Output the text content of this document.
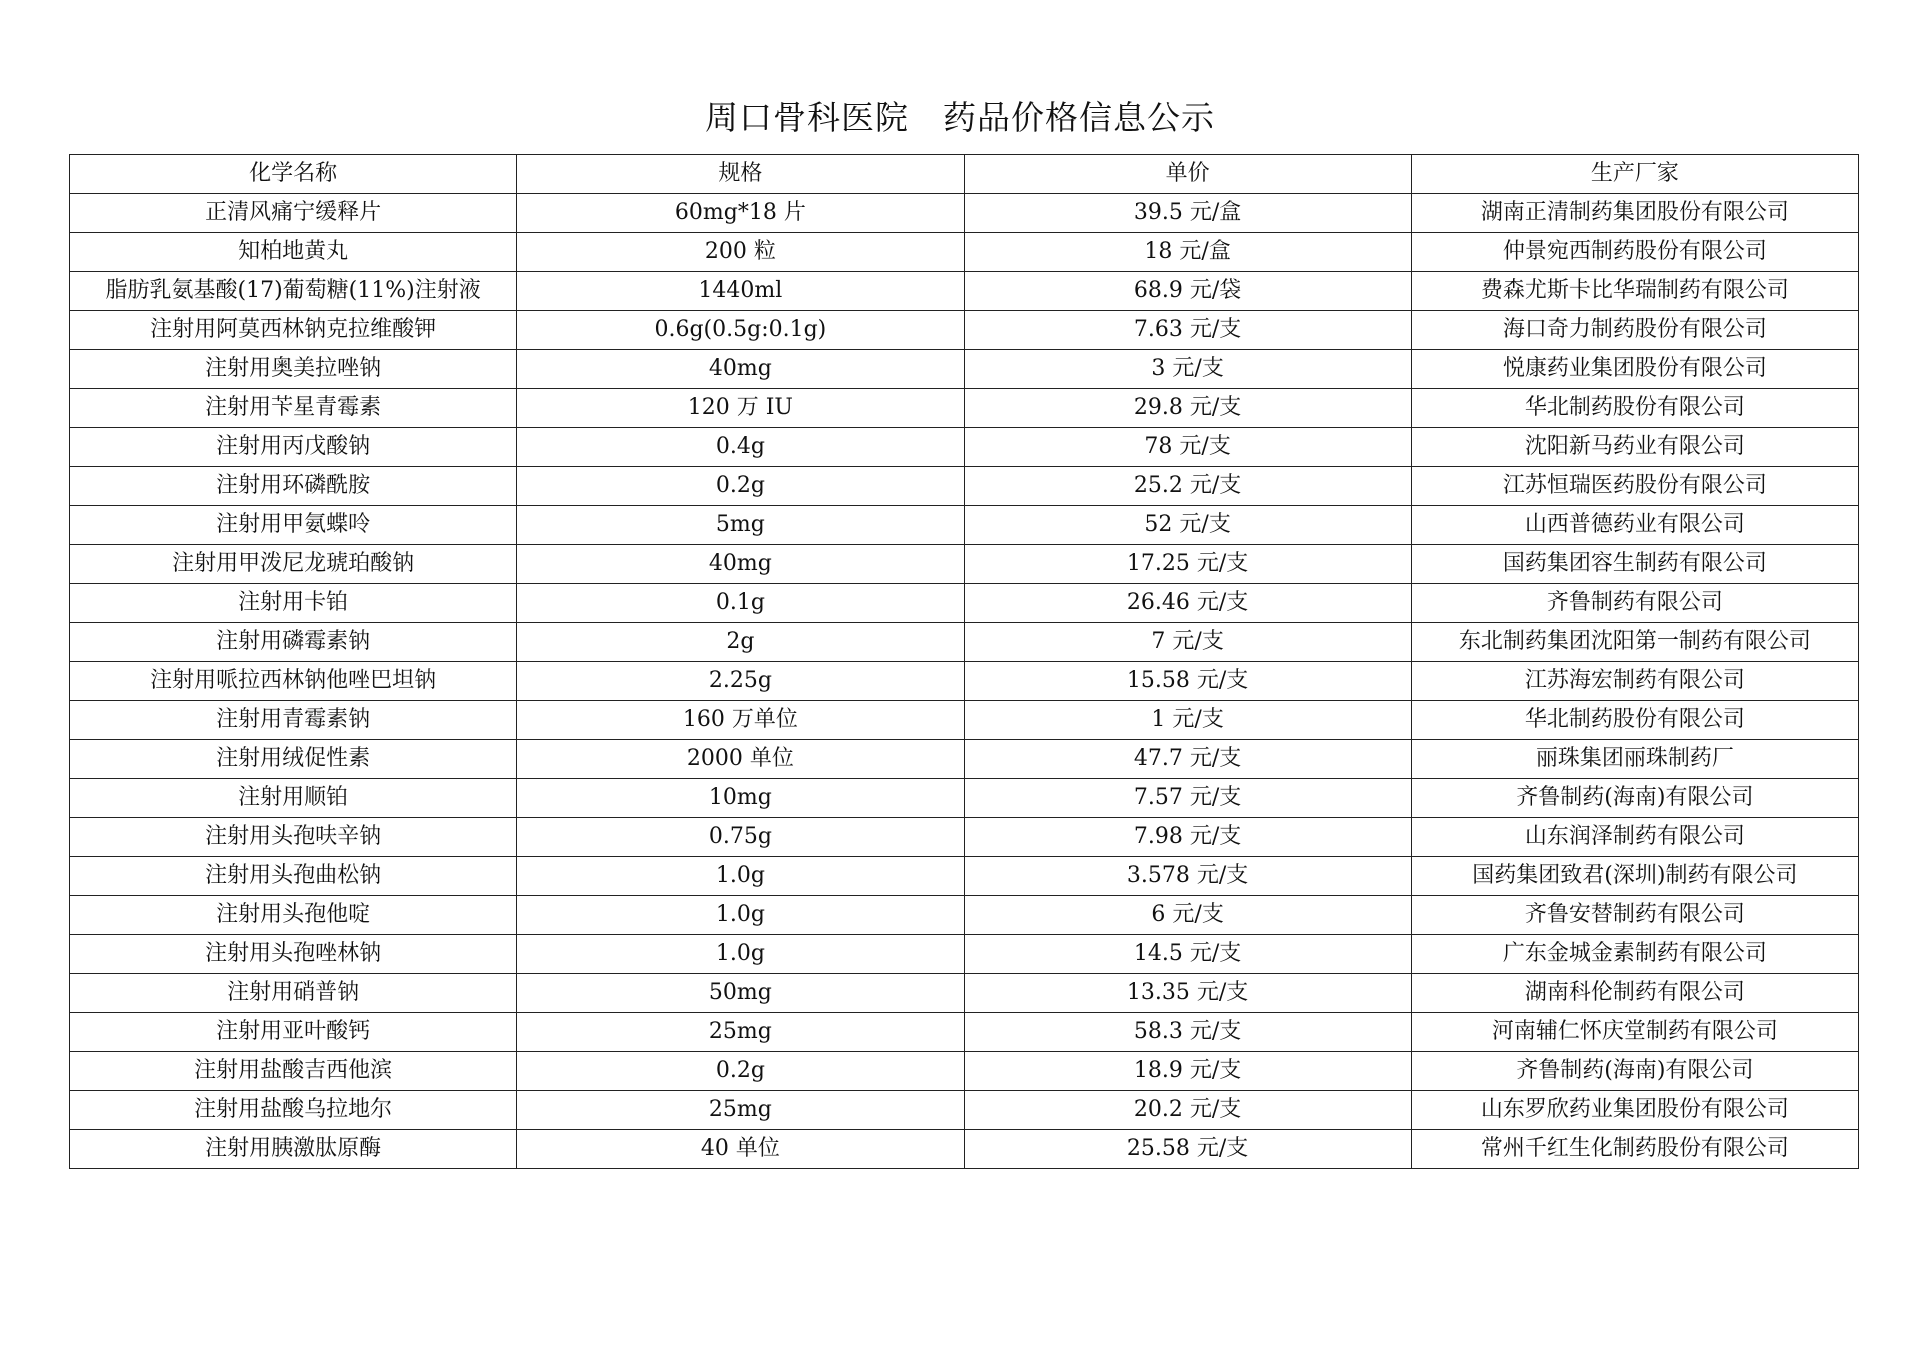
周口骨科医院　药品价格信息公示
化学名称	规格	单价	生产厂家
正清风痛宁缓释片	60mg*18 片	39.5 元/盒	湖南正清制药集团股份有限公司
知柏地黄丸	200 粒	18 元/盒	仲景宛西制药股份有限公司
脂肪乳氨基酸(17)葡萄糖(11%)注射液	1440ml	68.9 元/袋	费森尤斯卡比华瑞制药有限公司
注射用阿莫西林钠克拉维酸钾	0.6g(0.5g:0.1g)	7.63 元/支	海口奇力制药股份有限公司
注射用奥美拉唑钠	40mg	3 元/支	悦康药业集团股份有限公司
注射用苄星青霉素	120 万 IU	29.8 元/支	华北制药股份有限公司
注射用丙戊酸钠	0.4g	78 元/支	沈阳新马药业有限公司
注射用环磷酰胺	0.2g	25.2 元/支	江苏恒瑞医药股份有限公司
注射用甲氨蝶呤	5mg	52 元/支	山西普德药业有限公司
注射用甲泼尼龙琥珀酸钠	40mg	17.25 元/支	国药集团容生制药有限公司
注射用卡铂	0.1g	26.46 元/支	齐鲁制药有限公司
注射用磷霉素钠	2g	7 元/支	东北制药集团沈阳第一制药有限公司
注射用哌拉西林钠他唑巴坦钠	2.25g	15.58 元/支	江苏海宏制药有限公司
注射用青霉素钠	160 万单位	1 元/支	华北制药股份有限公司
注射用绒促性素	2000 单位	47.7 元/支	丽珠集团丽珠制药厂
注射用顺铂	10mg	7.57 元/支	齐鲁制药(海南)有限公司
注射用头孢呋辛钠	0.75g	7.98 元/支	山东润泽制药有限公司
注射用头孢曲松钠	1.0g	3.578 元/支	国药集团致君(深圳)制药有限公司
注射用头孢他啶	1.0g	6 元/支	齐鲁安替制药有限公司
注射用头孢唑林钠	1.0g	14.5 元/支	广东金城金素制药有限公司
注射用硝普钠	50mg	13.35 元/支	湖南科伦制药有限公司
注射用亚叶酸钙	25mg	58.3 元/支	河南辅仁怀庆堂制药有限公司
注射用盐酸吉西他滨	0.2g	18.9 元/支	齐鲁制药(海南)有限公司
注射用盐酸乌拉地尔	25mg	20.2 元/支	山东罗欣药业集团股份有限公司
注射用胰激肽原酶	40 单位	25.58 元/支	常州千红生化制药股份有限公司
